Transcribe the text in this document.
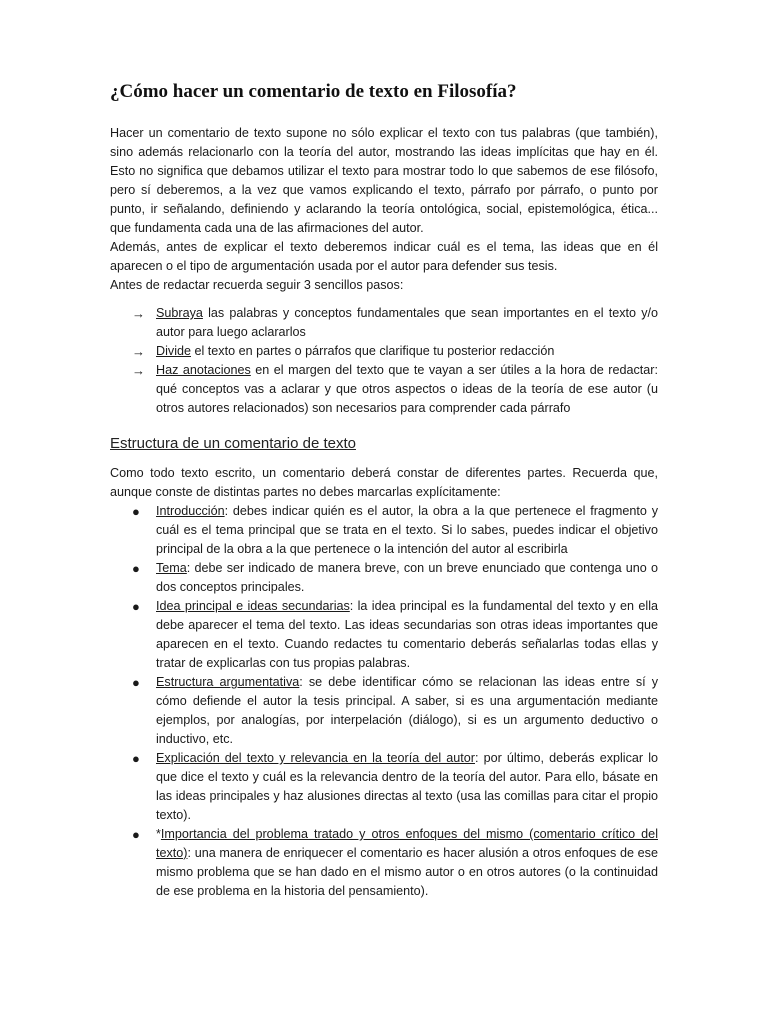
¿Cómo hacer un comentario de texto en Filosofía?

Hacer un comentario de texto supone no sólo explicar el texto con tus palabras (que también), sino además relacionarlo con la teoría del autor, mostrando las ideas implícitas que hay en él. Esto no significa que debamos utilizar el texto para mostrar todo lo que sabemos de ese filósofo, pero sí deberemos, a la vez que vamos explicando el texto, párrafo por párrafo, o punto por punto, ir señalando, definiendo y aclarando la teoría ontológica, social, epistemológica, ética... que fundamenta cada una de las afirmaciones del autor.

Además, antes de explicar el texto deberemos indicar cuál es el tema, las ideas que en él aparecen o el tipo de argumentación usada por el autor para defender sus tesis.

Antes de redactar recuerda seguir 3 sencillos pasos:

→ Subraya las palabras y conceptos fundamentales que sean importantes en el texto y/o autor para luego aclararlos
→ Divide el texto en partes o párrafos que clarifique tu posterior redacción
→ Haz anotaciones en el margen del texto que te vayan a ser útiles a la hora de redactar: qué conceptos vas a aclarar y que otros aspectos o ideas de la teoría de ese autor (u otros autores relacionados) son necesarios para comprender cada párrafo
Estructura de un comentario de texto

Como todo texto escrito, un comentario deberá constar de diferentes partes. Recuerda que, aunque conste de distintas partes no debes marcarlas explícitamente:

● Introducción: debes indicar quién es el autor, la obra a la que pertenece el fragmento y cuál es el tema principal que se trata en el texto. Si lo sabes, puedes indicar el objetivo principal de la obra a la que pertenece o la intención del autor al escribirla
● Tema: debe ser indicado de manera breve, con un breve enunciado que contenga uno o dos conceptos principales.
● Idea principal e ideas secundarias: la idea principal es la fundamental del texto y en ella debe aparecer el tema del texto. Las ideas secundarias son otras ideas importantes que aparecen en el texto. Cuando redactes tu comentario deberás señalarlas todas ellas y tratar de explicarlas con tus propias palabras.
● Estructura argumentativa: se debe identificar cómo se relacionan las ideas entre sí y cómo defiende el autor la tesis principal. A saber, si es una argumentación mediante ejemplos, por analogías, por interpelación (diálogo), si es un argumento deductivo o inductivo, etc.
● Explicación del texto y relevancia en la teoría del autor: por último, deberás explicar lo que dice el texto y cuál es la relevancia dentro de la teoría del autor. Para ello, básate en las ideas principales y haz alusiones directas al texto (usa las comillas para citar el propio texto).
● *Importancia del problema tratado y otros enfoques del mismo (comentario crítico del texto): una manera de enriquecer el comentario es hacer alusión a otros enfoques de ese mismo problema que se han dado en el mismo autor o en otros autores (o la continuidad de ese problema en la historia del pensamiento).
